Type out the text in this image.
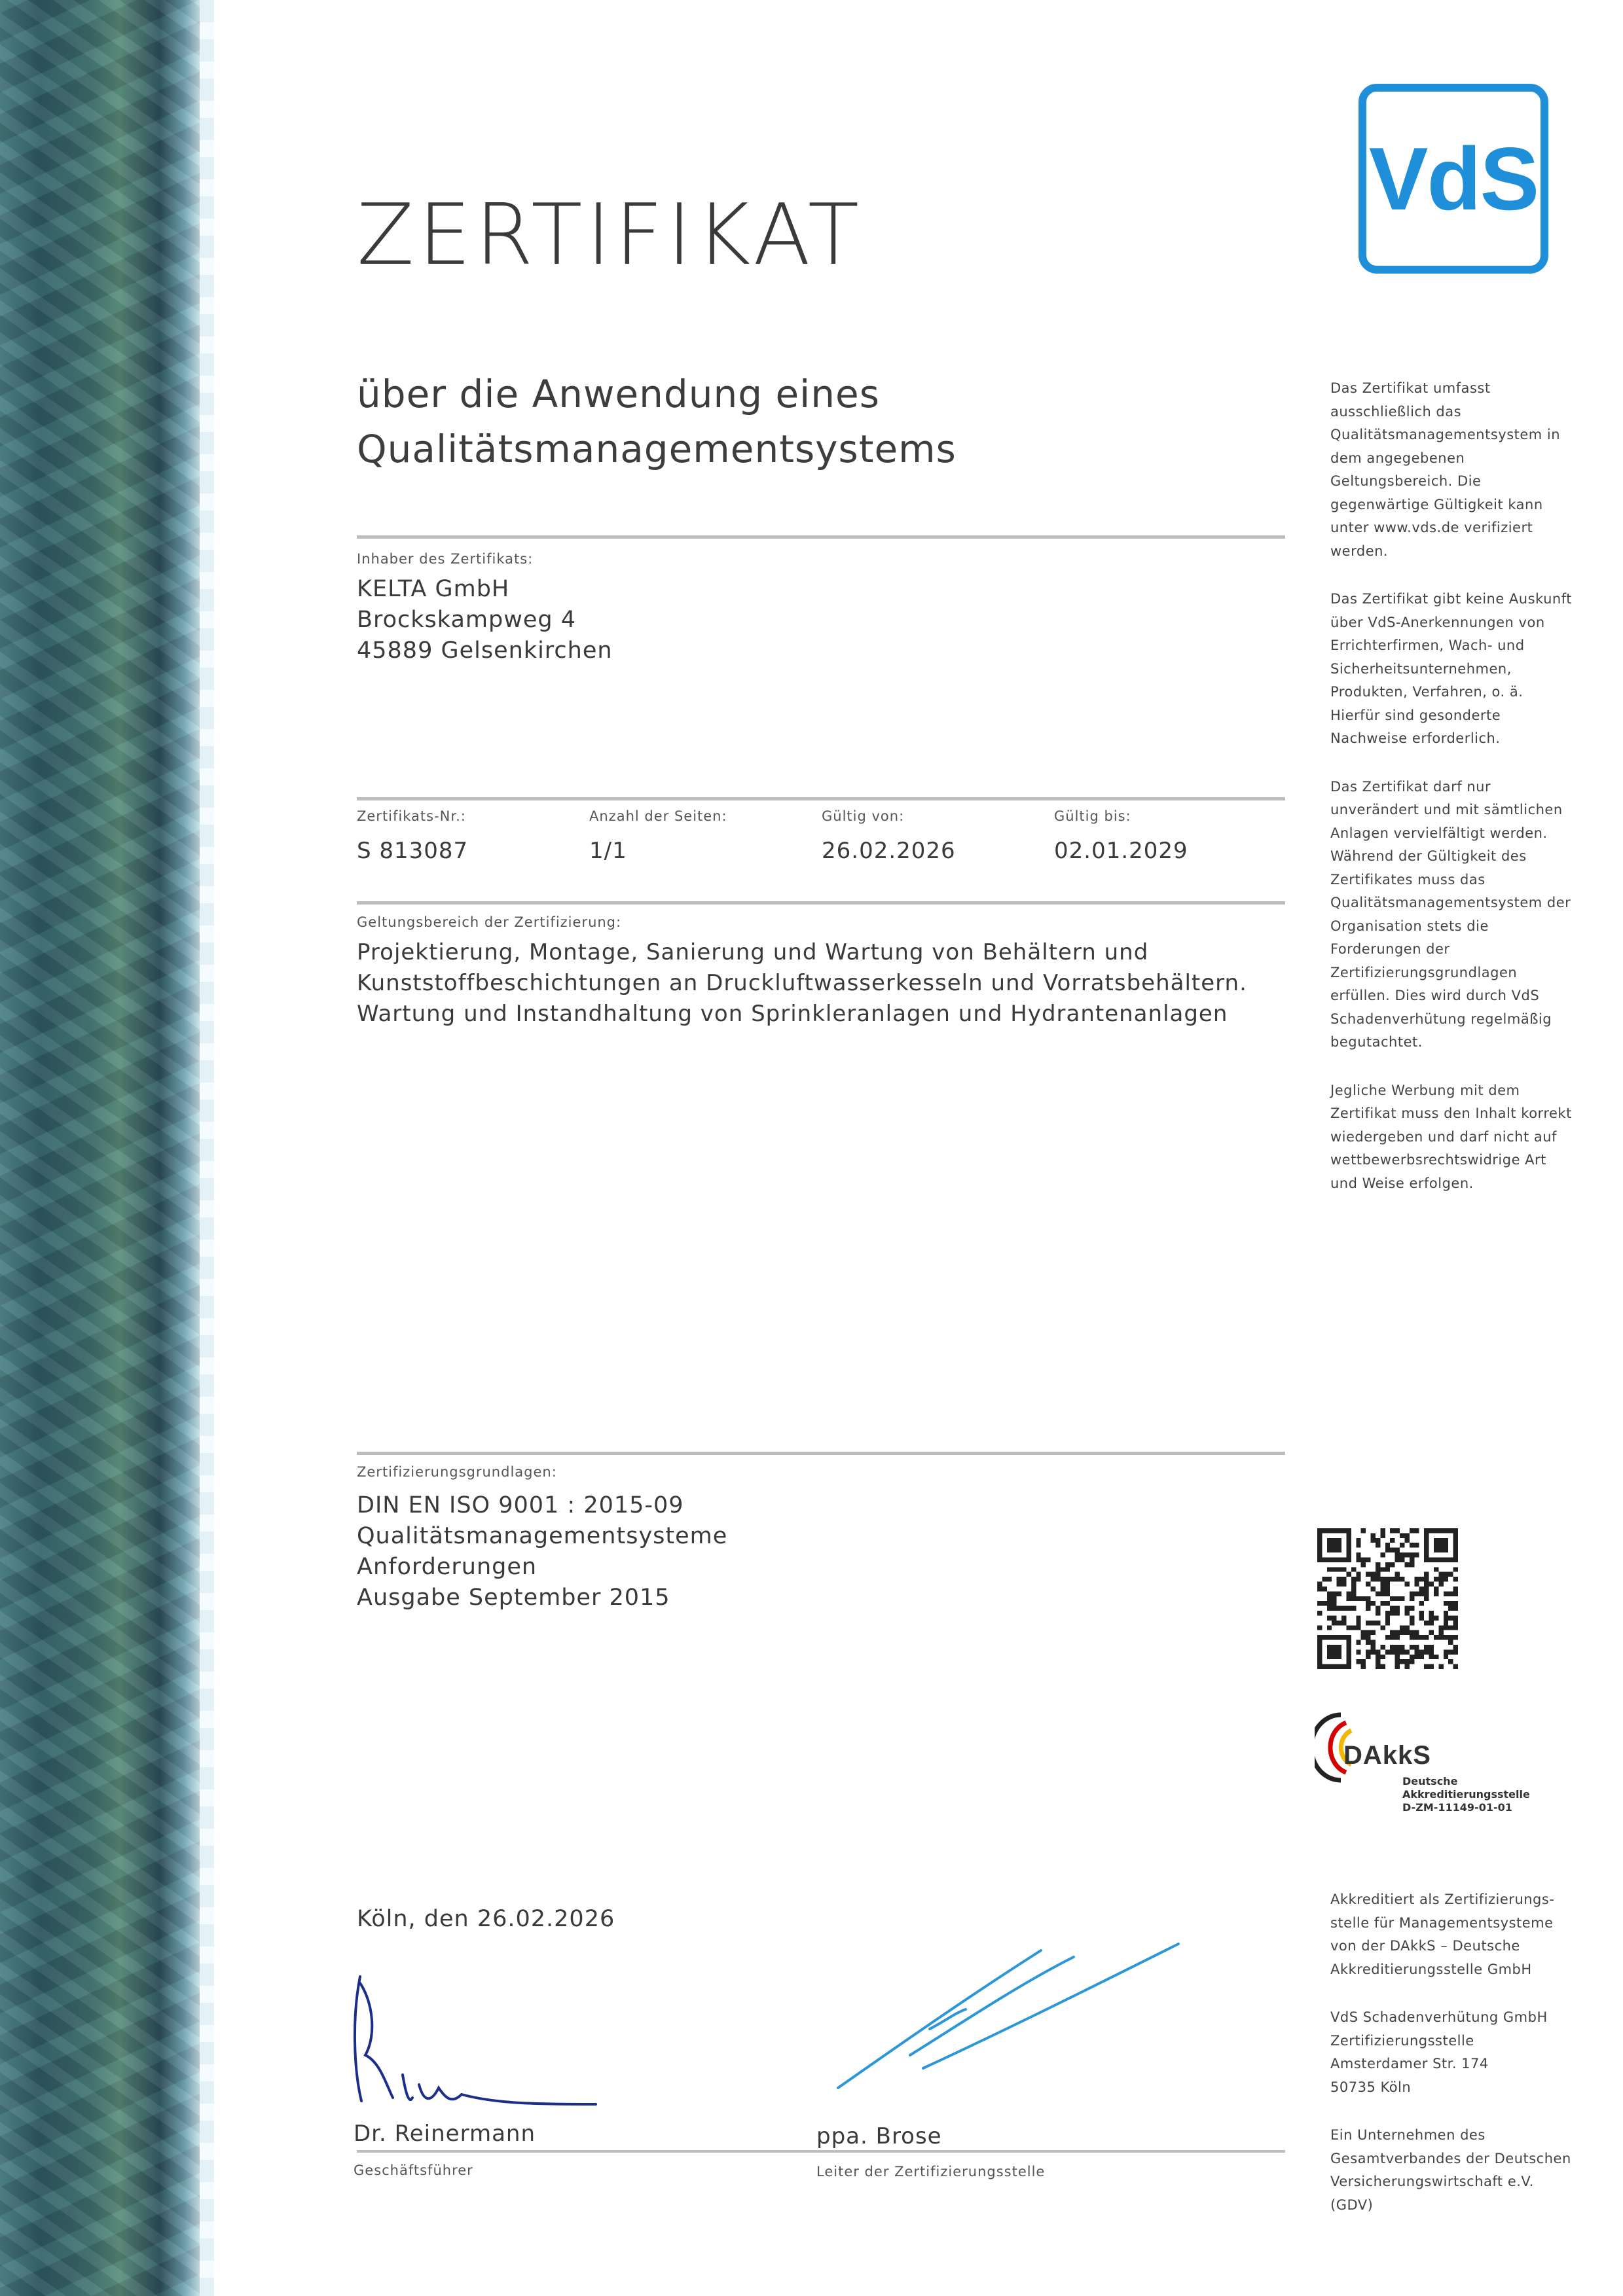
ZERTIFIKAT
über die Anwendung eines
Qualitätsmanagementsystems
VdS
Inhaber des Zertifikats:
KELTA GmbH
Brockskampweg 4
45889 Gelsenkirchen
Zertifikats-Nr.:
S 813087
Anzahl der Seiten:
1/1
Gültig von:
26.02.2026
Gültig bis:
02.01.2029
Geltungsbereich der Zertifizierung:
Projektierung, Montage, Sanierung und Wartung von Behältern und
Kunststoffbeschichtungen an Druckluftwasserkesseln und Vorratsbehältern.
Wartung und Instandhaltung von Sprinkleranlagen und Hydrantenanlagen
Zertifizierungsgrundlagen:
DIN EN ISO 9001 : 2015-09
Qualitätsmanagementsysteme
Anforderungen
Ausgabe September 2015
Köln, den 26.02.2026
Dr. Reinermann
Geschäftsführer
ppa. Brose
Leiter der Zertifizierungsstelle

Das Zertifikat umfasst
ausschließlich das
Qualitätsmanagementsystem in
dem angegebenen
Geltungsbereich. Die
gegenwärtige Gültigkeit kann
unter www.vds.de verifiziert
werden.

Das Zertifikat gibt keine Auskunft
über VdS-Anerkennungen von
Errichterfirmen, Wach- und
Sicherheitsunternehmen,
Produkten, Verfahren, o. ä.
Hierfür sind gesonderte
Nachweise erforderlich.

Das Zertifikat darf nur
unverändert und mit sämtlichen
Anlagen vervielfältigt werden.
Während der Gültigkeit des
Zertifikates muss das
Qualitätsmanagementsystem der
Organisation stets die
Forderungen der
Zertifizierungsgrundlagen
erfüllen. Dies wird durch VdS
Schadenverhütung regelmäßig
begutachtet.

Jegliche Werbung mit dem
Zertifikat muss den Inhalt korrekt
wiedergeben und darf nicht auf
wettbewerbsrechtswidrige Art
und Weise erfolgen.

DAkkS
Deutsche
Akkreditierungsstelle
D-ZM-11149-01-01

Akkreditiert als Zertifizierungs-
stelle für Managementsysteme
von der DAkkS – Deutsche
Akkreditierungsstelle GmbH

VdS Schadenverhütung GmbH
Zertifizierungsstelle
Amsterdamer Str. 174
50735 Köln

Ein Unternehmen des
Gesamtverbandes der Deutschen
Versicherungswirtschaft e.V.
(GDV)
